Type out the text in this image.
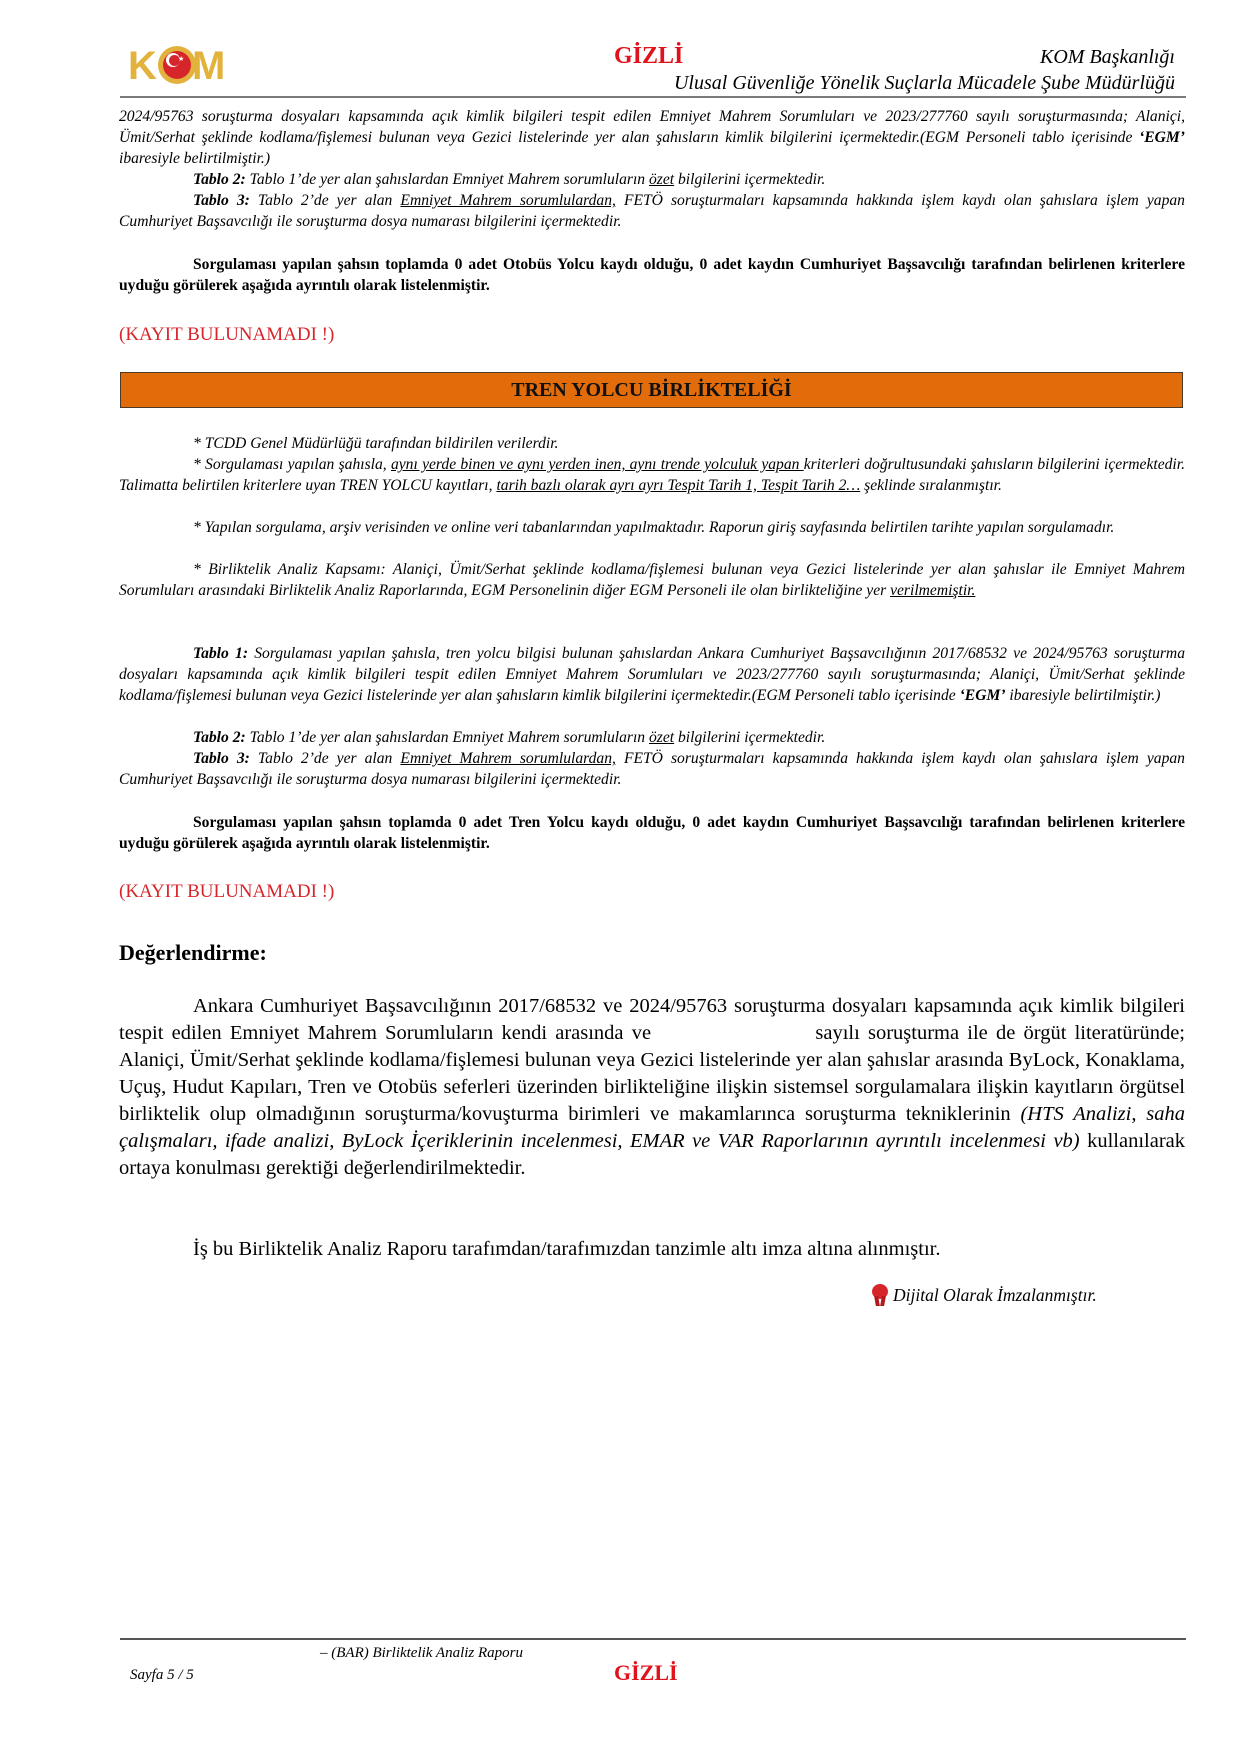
K	★ M	GİZLİ	KOM Başkanlığı
Ulusal Güvenliğe Yönelik Suçlarla Mücadele Şube Müdürlüğü
2024/95763 soruşturma dosyaları kapsamında açık kimlik bilgileri tespit edilen Emniyet Mahrem Sorumluları ve 2023/277760 sayılı soruşturmasında; Alaniçi, Ümit/Serhat şeklinde kodlama/fişlemesi bulunan veya Gezici listelerinde yer alan şahısların kimlik bilgilerini içermektedir.(EGM Personeli tablo içerisinde ‘EGM’ ibaresiyle belirtilmiştir.)
Tablo 2: Tablo 1’de yer alan şahıslardan Emniyet Mahrem sorumluların özet bilgilerini içermektedir.
Tablo 3: Tablo 2’de yer alan Emniyet Mahrem sorumlulardan, FETÖ soruşturmaları kapsamında hakkında işlem kaydı olan şahıslara işlem yapan Cumhuriyet Başsavcılığı ile soruşturma dosya numarası bilgilerini içermektedir.
Sorgulaması yapılan şahsın toplamda 0 adet Otobüs Yolcu kaydı olduğu, 0 adet kaydın Cumhuriyet Başsavcılığı tarafından belirlenen kriterlere uyduğu görülerek aşağıda ayrıntılı olarak listelenmiştir.
(KAYIT BULUNAMADI !)
TREN YOLCU BİRLİKTELİĞİ
* TCDD Genel Müdürlüğü tarafından bildirilen verilerdir.
* Sorgulaması yapılan şahısla, aynı yerde binen ve aynı yerden inen, aynı trende yolculuk yapan kriterleri doğrultusundaki şahısların bilgilerini içermektedir. Talimatta belirtilen kriterlere uyan TREN YOLCU kayıtları, tarih bazlı olarak ayrı ayrı Tespit Tarih 1, Tespit Tarih 2… şeklinde sıralanmıştır.
* Yapılan sorgulama, arşiv verisinden ve online veri tabanlarından yapılmaktadır. Raporun giriş sayfasında belirtilen tarihte yapılan sorgulamadır.
* Birliktelik Analiz Kapsamı: Alaniçi, Ümit/Serhat şeklinde kodlama/fişlemesi bulunan veya Gezici listelerinde yer alan şahıslar ile Emniyet Mahrem Sorumluları arasındaki Birliktelik Analiz Raporlarında, EGM Personelinin diğer EGM Personeli ile olan birlikteliğine yer verilmemiştir.
Tablo 1: Sorgulaması yapılan şahısla, tren yolcu bilgisi bulunan şahıslardan Ankara Cumhuriyet Başsavcılığının 2017/68532 ve 2024/95763 soruşturma dosyaları kapsamında açık kimlik bilgileri tespit edilen Emniyet Mahrem Sorumluları ve 2023/277760 sayılı soruşturmasında; Alaniçi, Ümit/Serhat şeklinde kodlama/fişlemesi bulunan veya Gezici listelerinde yer alan şahısların kimlik bilgilerini içermektedir.(EGM Personeli tablo içerisinde ‘EGM’ ibaresiyle belirtilmiştir.)
Tablo 2: Tablo 1’de yer alan şahıslardan Emniyet Mahrem sorumluların özet bilgilerini içermektedir.
Tablo 3: Tablo 2’de yer alan Emniyet Mahrem sorumlulardan, FETÖ soruşturmaları kapsamında hakkında işlem kaydı olan şahıslara işlem yapan Cumhuriyet Başsavcılığı ile soruşturma dosya numarası bilgilerini içermektedir.
Sorgulaması yapılan şahsın toplamda 0 adet Tren Yolcu kaydı olduğu, 0 adet kaydın Cumhuriyet Başsavcılığı tarafından belirlenen kriterlere uyduğu görülerek aşağıda ayrıntılı olarak listelenmiştir.
(KAYIT BULUNAMADI !)
Değerlendirme:
Ankara Cumhuriyet Başsavcılığının 2017/68532 ve 2024/95763 soruşturma dosyaları kapsamında açık kimlik bilgileri tespit edilen Emniyet Mahrem Sorumluların kendi arasında ve	sayılı soruşturma ile de örgüt literatüründe; Alaniçi, Ümit/Serhat şeklinde kodlama/fişlemesi bulunan veya Gezici listelerinde yer alan şahıslar arasında ByLock, Konaklama, Uçuş, Hudut Kapıları, Tren ve Otobüs seferleri üzerinden birlikteliğine ilişkin sistemsel sorgulamalara ilişkin kayıtların örgütsel birliktelik olup olmadığının soruşturma/kovuşturma birimleri ve makamlarınca soruşturma tekniklerinin (HTS Analizi, saha çalışmaları, ifade analizi, ByLock İçeriklerinin incelenmesi, EMAR ve VAR Raporlarının ayrıntılı incelenmesi vb) kullanılarak ortaya konulması gerektiği değerlendirilmektedir.
İş bu Birliktelik Analiz Raporu tarafımdan/tarafımızdan tanzimle altı imza altına alınmıştır.
Dijital Olarak İmzalanmıştır.
– (BAR) Birliktelik Analiz Raporu
Sayfa 5 / 5	GİZLİ
